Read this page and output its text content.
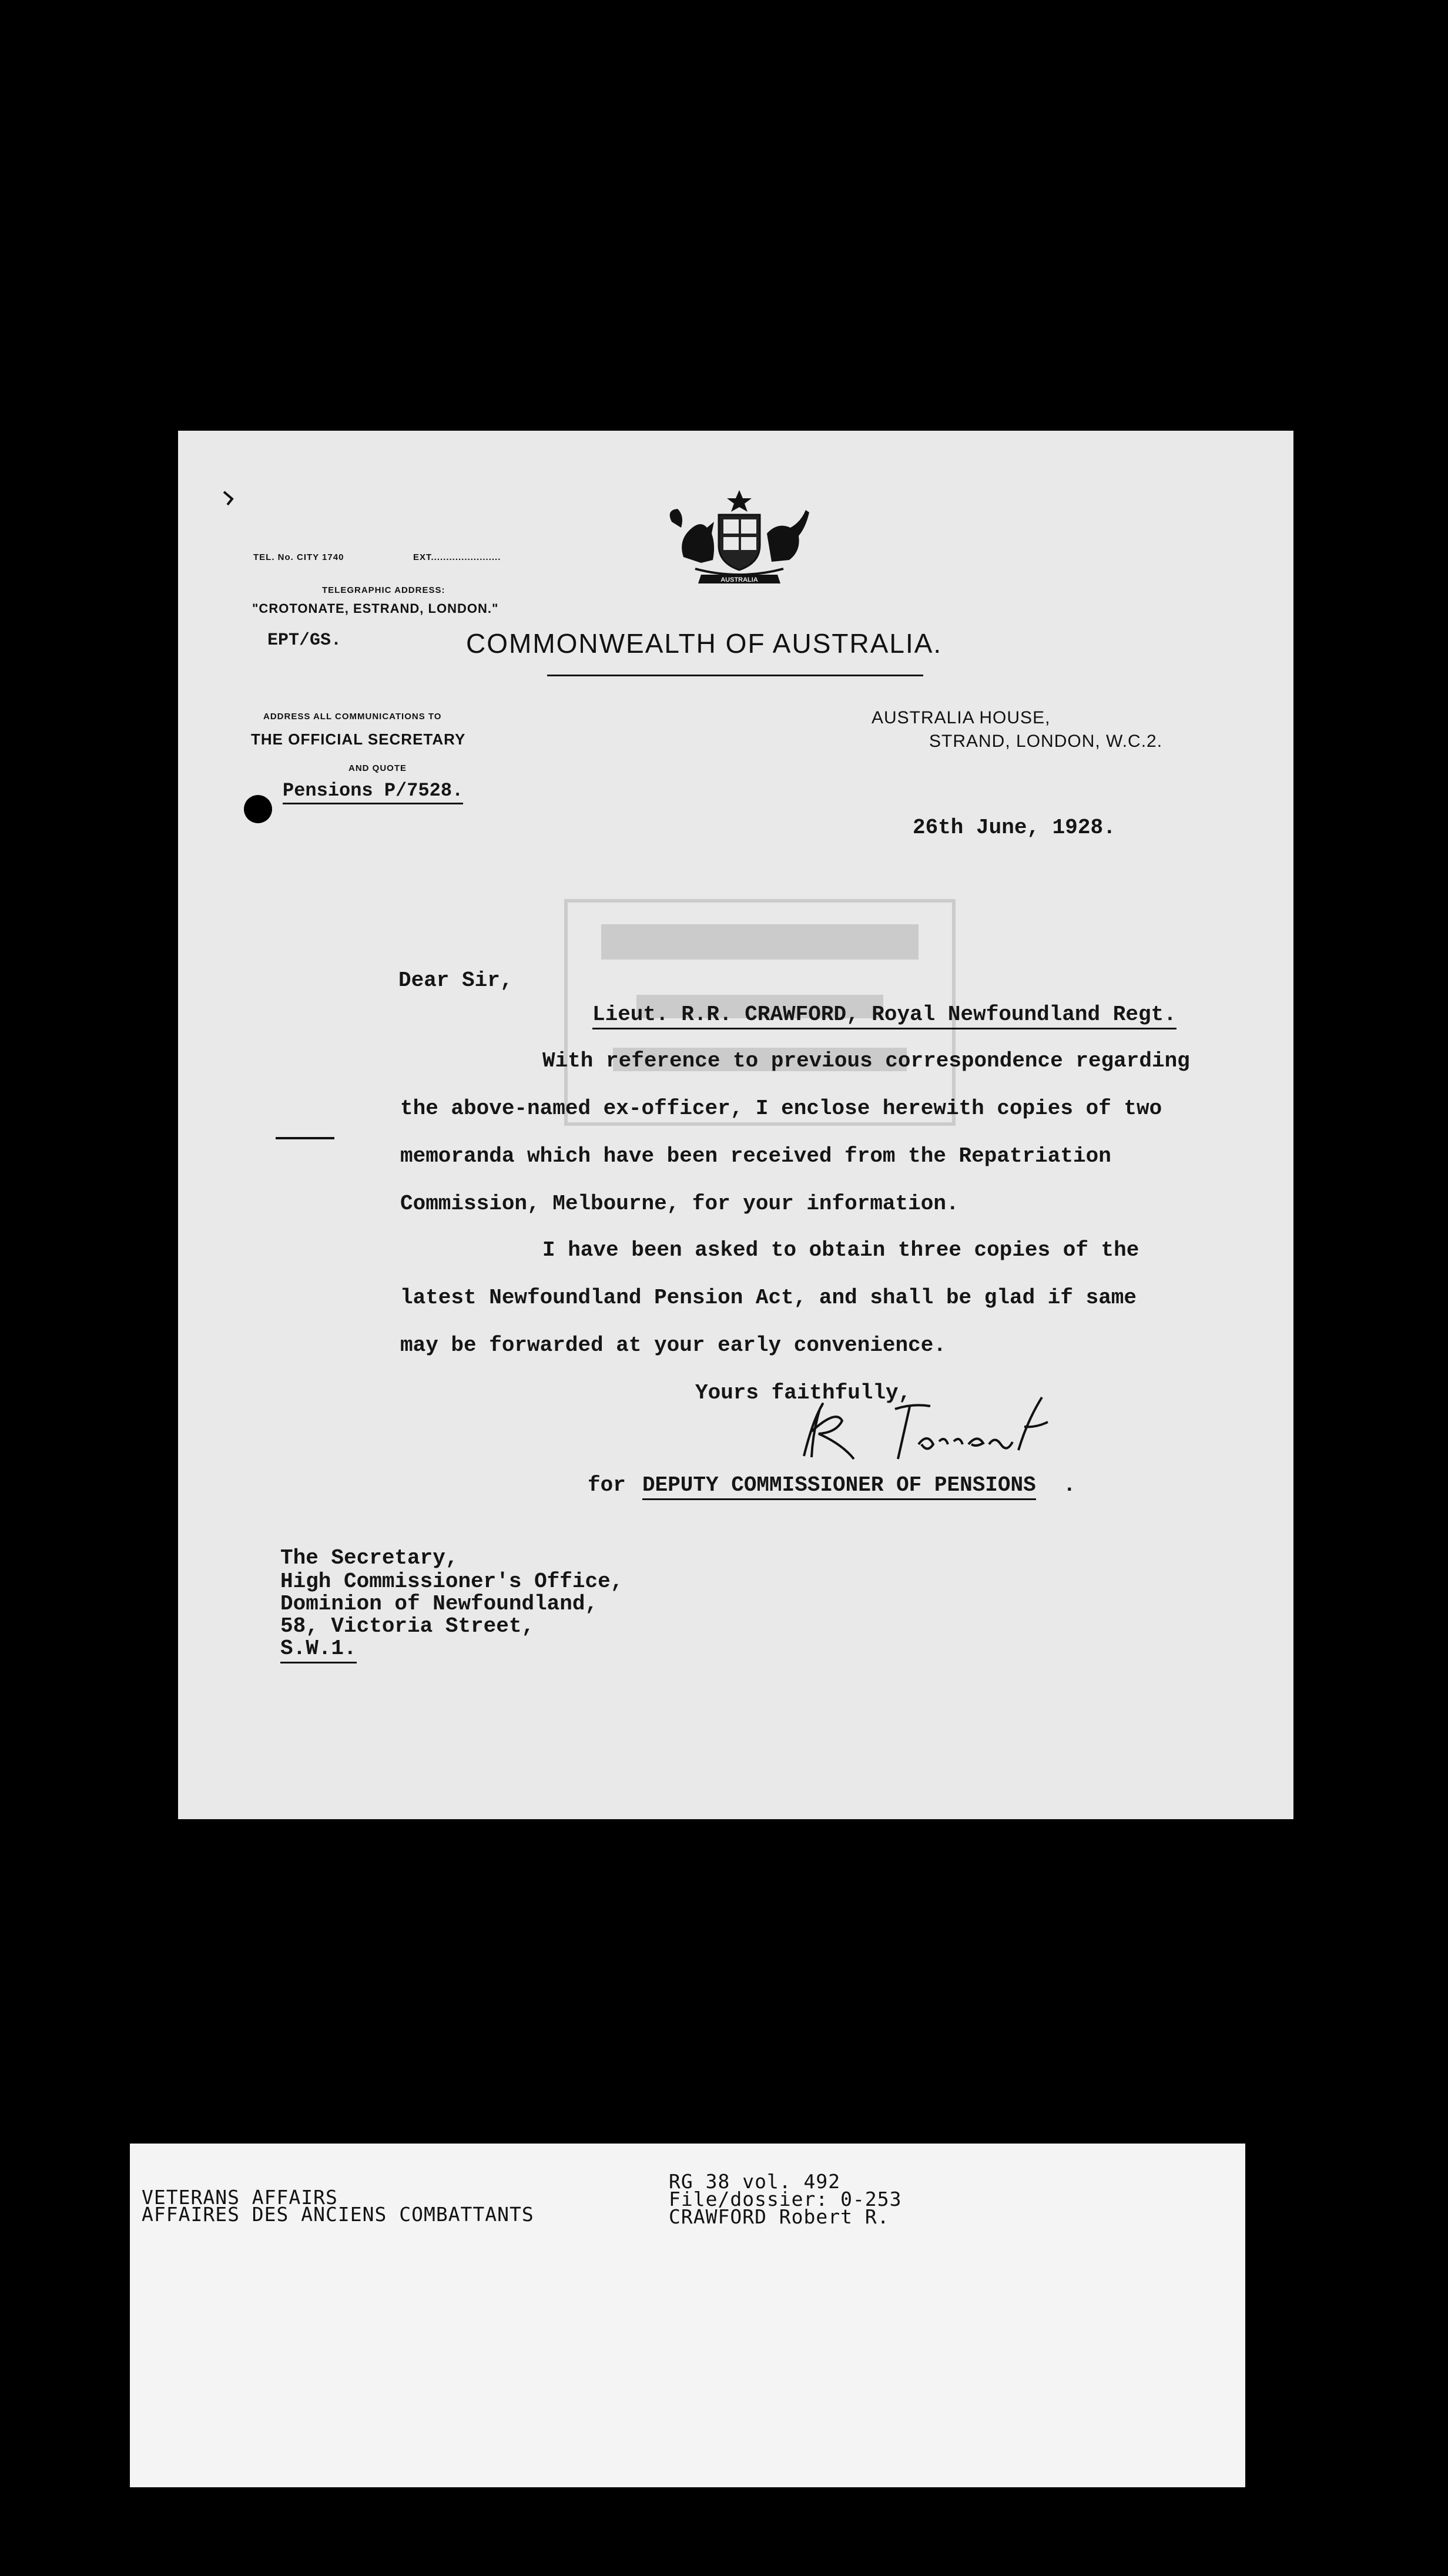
TEL. No. CITY 1740	EXT.......................
TELEGRAPHIC ADDRESS:
"CROTONATE, ESTRAND, LONDON."
AUSTRALIA
EPT/GS.	COMMONWEALTH OF AUSTRALIA.
ADDRESS ALL COMMUNICATIONS TO
THE OFFICIAL SECRETARY
AND QUOTE
Pensions P/7528.
AUSTRALIA HOUSE,
STRAND, LONDON, W.C.2.
26th June, 1928.
Dear Sir,
Lieut. R.R. CRAWFORD, Royal Newfoundland Regt.
With reference to previous correspondence regarding
the above-named ex-officer, I enclose herewith copies of two
memoranda which have been received from the Repatriation
Commission, Melbourne, for your information.
I have been asked to obtain three copies of the
latest Newfoundland Pension Act, and shall be glad if same
may be forwarded at your early convenience.
Yours faithfully,
for DEPUTY COMMISSIONER OF PENSIONS .
The Secretary,
High Commissioner's Office,
Dominion of Newfoundland,
58, Victoria Street,
S.W.1.
VETERANS AFFAIRS
AFFAIRES DES ANCIENS COMBATTANTS
RG 38 vol. 492
File/dossier: 0-253
CRAWFORD Robert R.
